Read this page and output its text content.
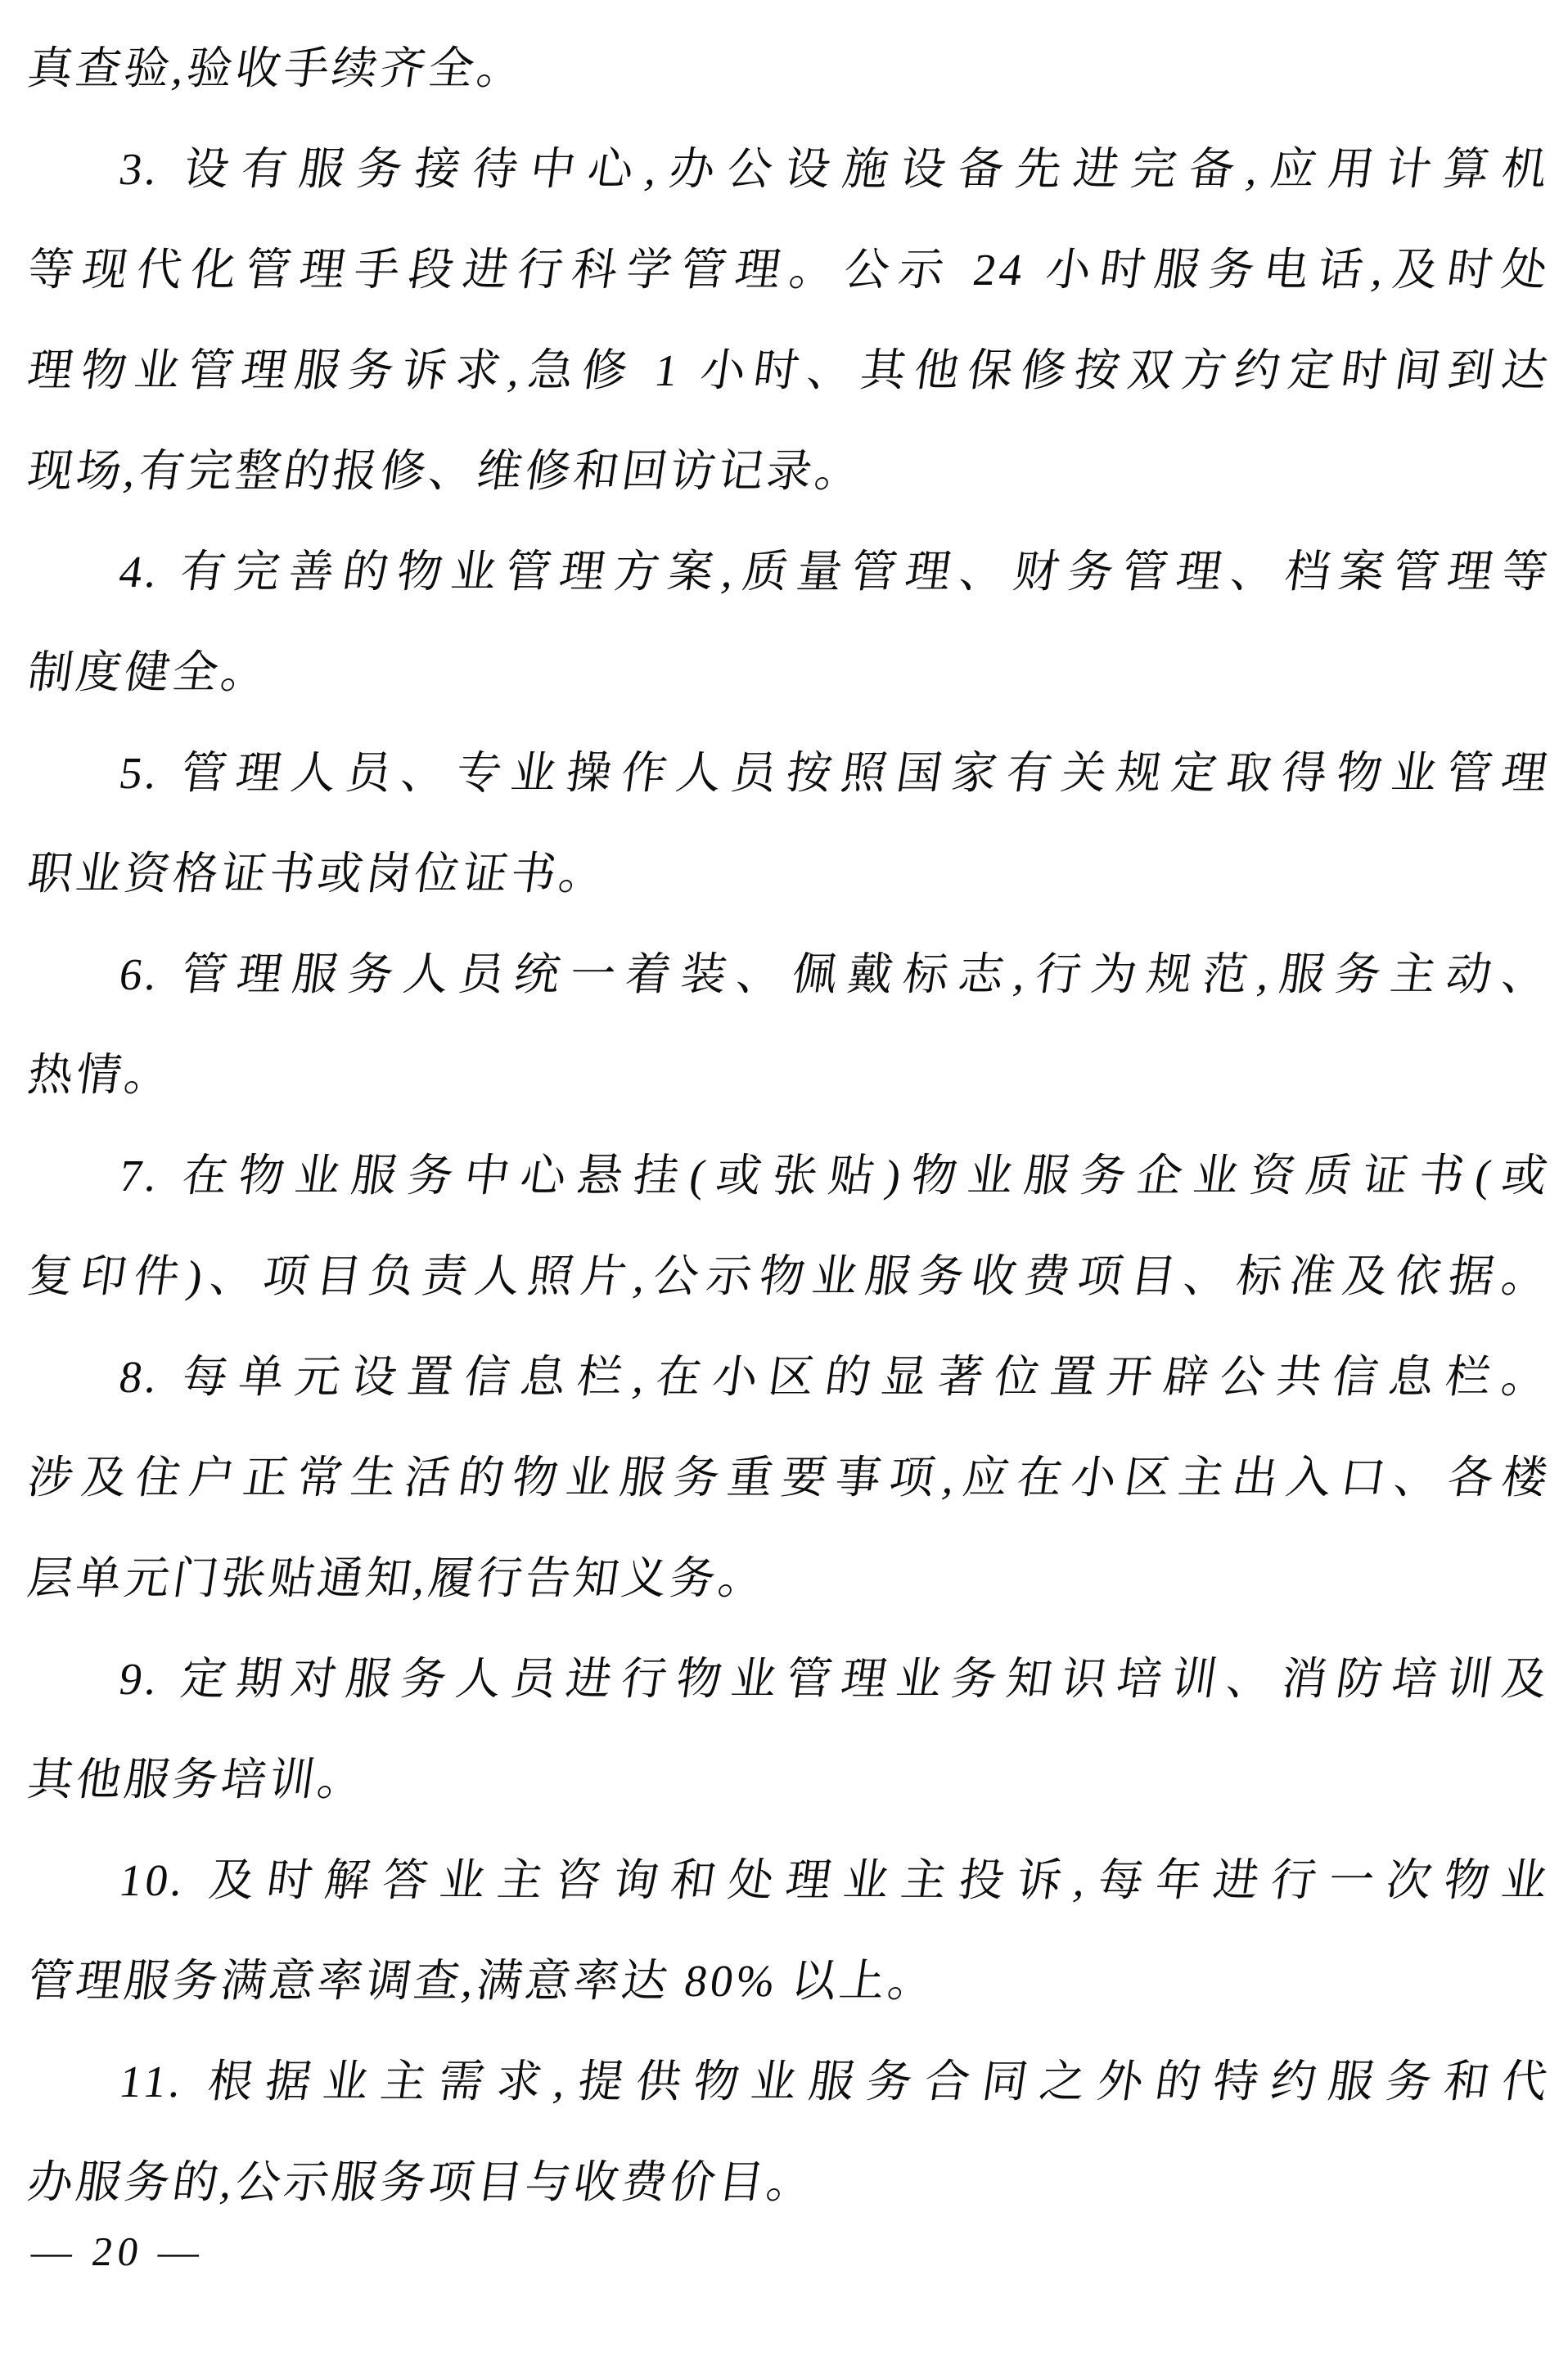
真查验,验收手续齐全。
3. 设有服务接待中心,办公设施设备先进完备,应用计算机
等现代化管理手段进行科学管理。公示 24 小时服务电话,及时处
理物业管理服务诉求,急修 1 小时、其他保修按双方约定时间到达
现场,有完整的报修、维修和回访记录。
4. 有完善的物业管理方案,质量管理、财务管理、档案管理等
制度健全。
5. 管理人员、专业操作人员按照国家有关规定取得物业管理
职业资格证书或岗位证书。
6. 管理服务人员统一着装、佩戴标志,行为规范,服务主动、
热情。
7. 在物业服务中心悬挂(或张贴)物业服务企业资质证书(或
复印件)、项目负责人照片,公示物业服务收费项目、标准及依据。
8. 每单元设置信息栏,在小区的显著位置开辟公共信息栏。
涉及住户正常生活的物业服务重要事项,应在小区主出入口、各楼
层单元门张贴通知,履行告知义务。
9. 定期对服务人员进行物业管理业务知识培训、消防培训及
其他服务培训。
10. 及时解答业主咨询和处理业主投诉,每年进行一次物业
管理服务满意率调查,满意率达 80% 以上。
11. 根据业主需求,提供物业服务合同之外的特约服务和代
办服务的,公示服务项目与收费价目。
— 20 —
